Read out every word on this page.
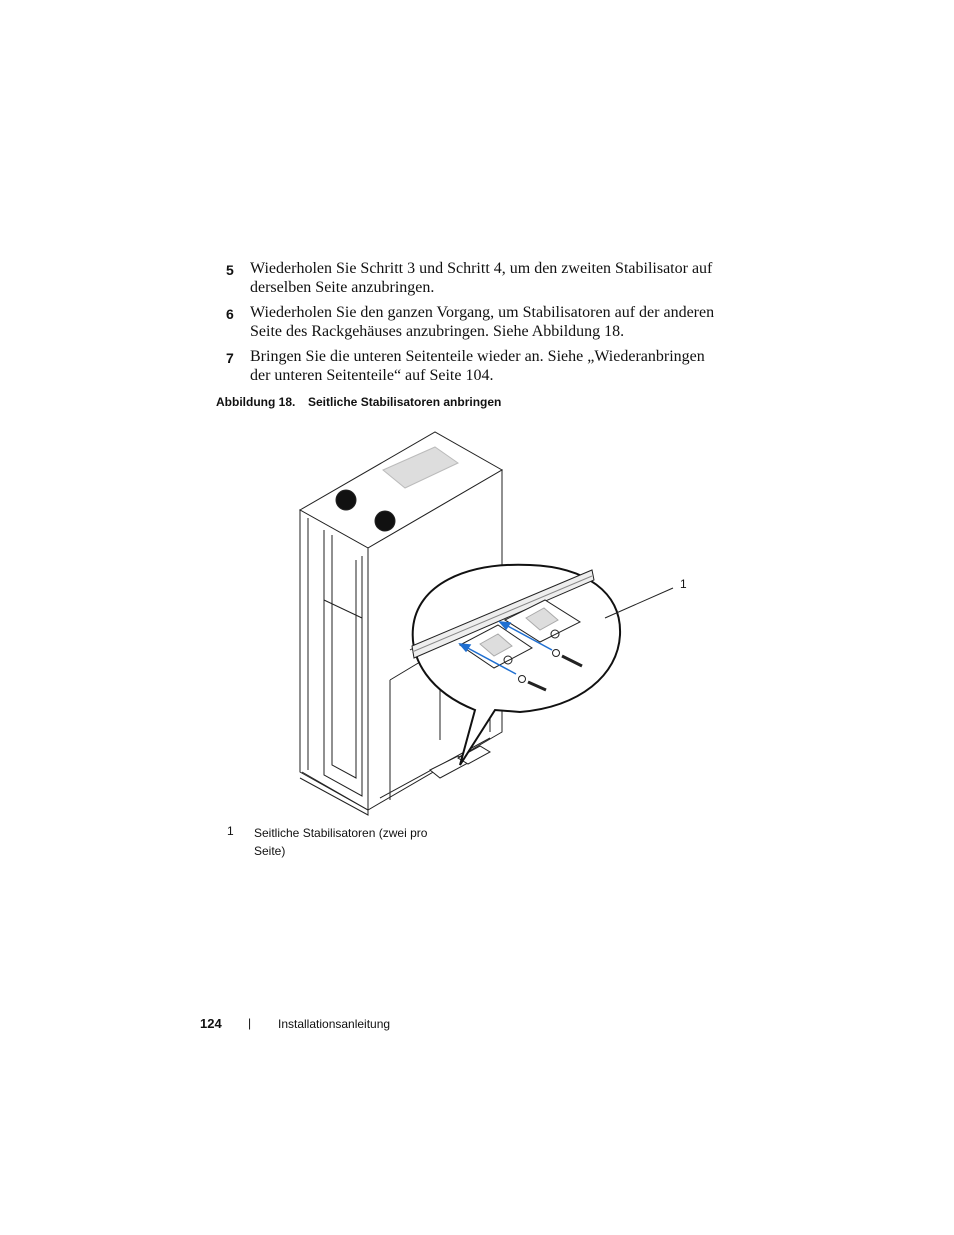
5 Wiederholen Sie Schritt 3 und Schritt 4, um den zweiten Stabilisator auf derselben Seite anzubringen.
6 Wiederholen Sie den ganzen Vorgang, um Stabilisatoren auf der anderen Seite des Rackgehäuses anzubringen. Siehe Abbildung 18.
7 Bringen Sie die unteren Seitenteile wieder an. Siehe „Wiederanbringen der unteren Seitenteile“ auf Seite 104.
Abbildung 18. Seitliche Stabilisatoren anbringen
1
1 Seitliche Stabilisatoren (zwei pro Seite)
124 | Installationsanleitung
